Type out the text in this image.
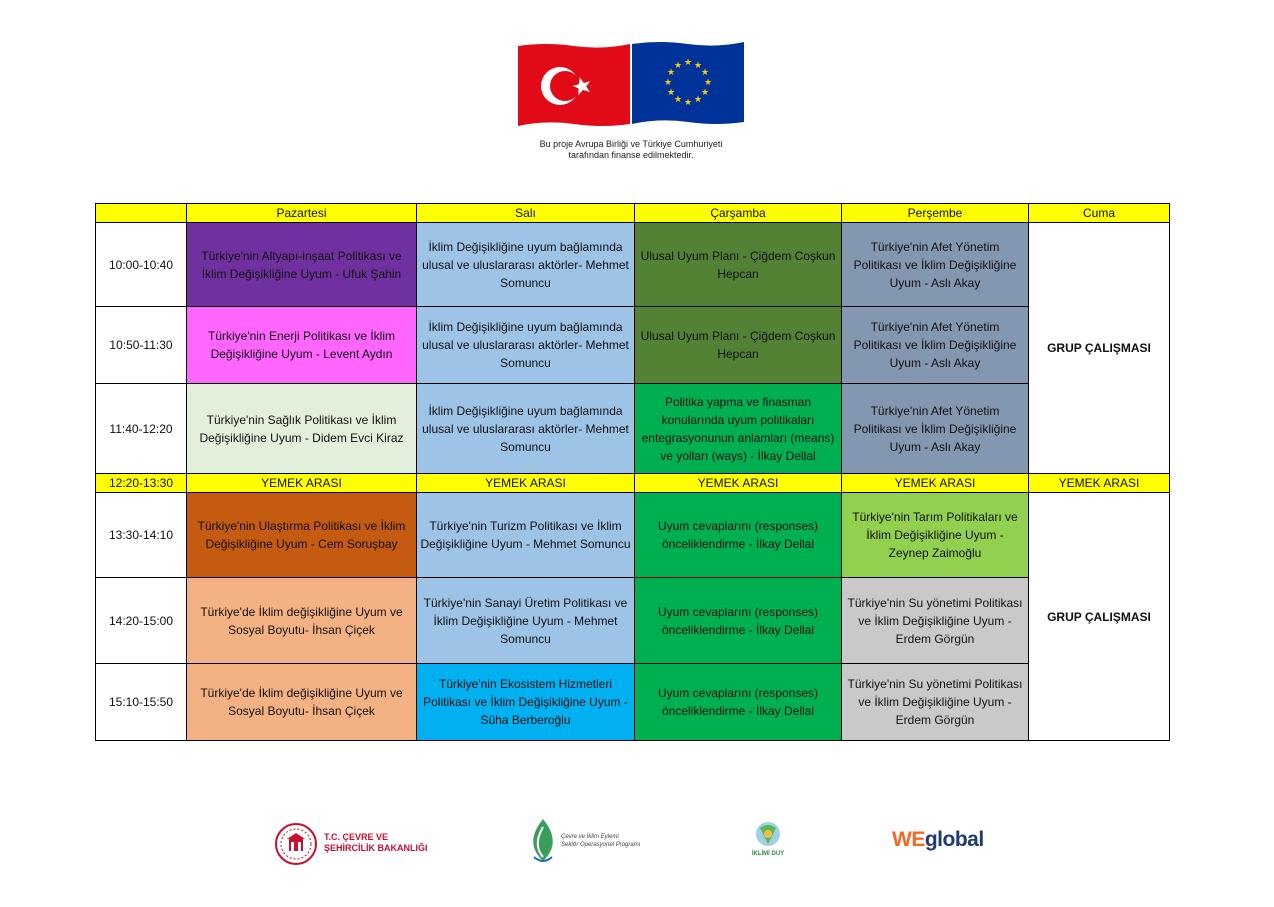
★ ★
★
★
★
★
★
★
★
★
★
★
Bu proje Avrupa Birliği ve Türkiye Cumhuriyeti
tarafından finanse edilmektedir.
	Pazartesi	Salı	Çarşamba	Perşembe	Cuma
10:00-10:40	Türkiye'nin Altyapı-inşaat Politikası ve İklim Değişikliğine Uyum - Ufuk Şahin	İklim Değişikliğine uyum bağlamında ulusal ve uluslararası aktörler- Mehmet Somuncu	Ulusal Uyum Planı - Çiğdem Coşkun Hepcan	Türkiye'nin Afet Yönetim Politikası ve İklim Değişikliğine Uyum - Aslı Akay	GRUP ÇALIŞMASI
10:50-11:30	Türkiye'nin Enerji Politikası ve İklim Değişikliğine Uyum - Levent Aydın	İklim Değişikliğine uyum bağlamında ulusal ve uluslararası aktörler- Mehmet Somuncu	Ulusal Uyum Planı - Çiğdem Coşkun Hepcan	Türkiye'nin Afet Yönetim Politikası ve İklim Değişikliğine Uyum - Aslı Akay	
11:40-12:20	Türkiye'nin Sağlık Politikası ve İklim Değişikliğine Uyum - Didem Evci Kiraz	İklim Değişikliğine uyum bağlamında ulusal ve uluslararası aktörler- Mehmet Somuncu	Politika yapma ve finasman konularında uyum politikaları entegrasyonunun anlamları (means) ve yolları (ways) - İlkay Dellal	Türkiye'nin Afet Yönetim Politikası ve İklim Değişikliğine Uyum - Aslı Akay	
12:20-13:30	YEMEK ARASI	YEMEK ARASI	YEMEK ARASI	YEMEK ARASI	YEMEK ARASI
13:30-14:10	Türkiye'nin Ulaştırma Politikası ve İklim Değişikliğine Uyum - Cem Soruşbay	Türkiye'nin Turizm Politikası ve İklim Değişikliğine Uyum - Mehmet Somuncu	Uyum cevaplarını (responses) önceliklendirme - İlkay Dellal	Türkiye'nin Tarım Politikaları ve İklim Değişikliğine Uyum - Zeynep Zaimoğlu	GRUP ÇALIŞMASI
14:20-15:00	Türkiye'de İklim değişikliğine Uyum ve Sosyal Boyutu- İhsan Çiçek	Türkiye'nin Sanayi Üretim Politikası ve İklim Değişikliğine Uyum - Mehmet Somuncu	Uyum cevaplarını (responses) önceliklendirme - İlkay Dellal	Türkiye'nin Su yönetimi Politikası ve İklim Değişikliğine Uyum - Erdem Görgün	
15:10-15:50	Türkiye'de İklim değişikliğine Uyum ve Sosyal Boyutu- İhsan Çiçek	Türkiye'nin Ekosistem Hizmetleri Politikası ve İklim Değişikliğine Uyum - Süha Berberoğlu	Uyum cevaplarını (responses) önceliklendirme - İlkay Dellal	Türkiye'nin Su yönetimi Politikası ve İklim Değişikliğine Uyum - Erdem Görgün	
T.C. ÇEVRE VE
ŞEHİRCİLİK BAKANLIĞI
Çevre ve İklim Eylemi
Sektör Operasyonel Programı
İKLİMİ DUY
WEglobal
